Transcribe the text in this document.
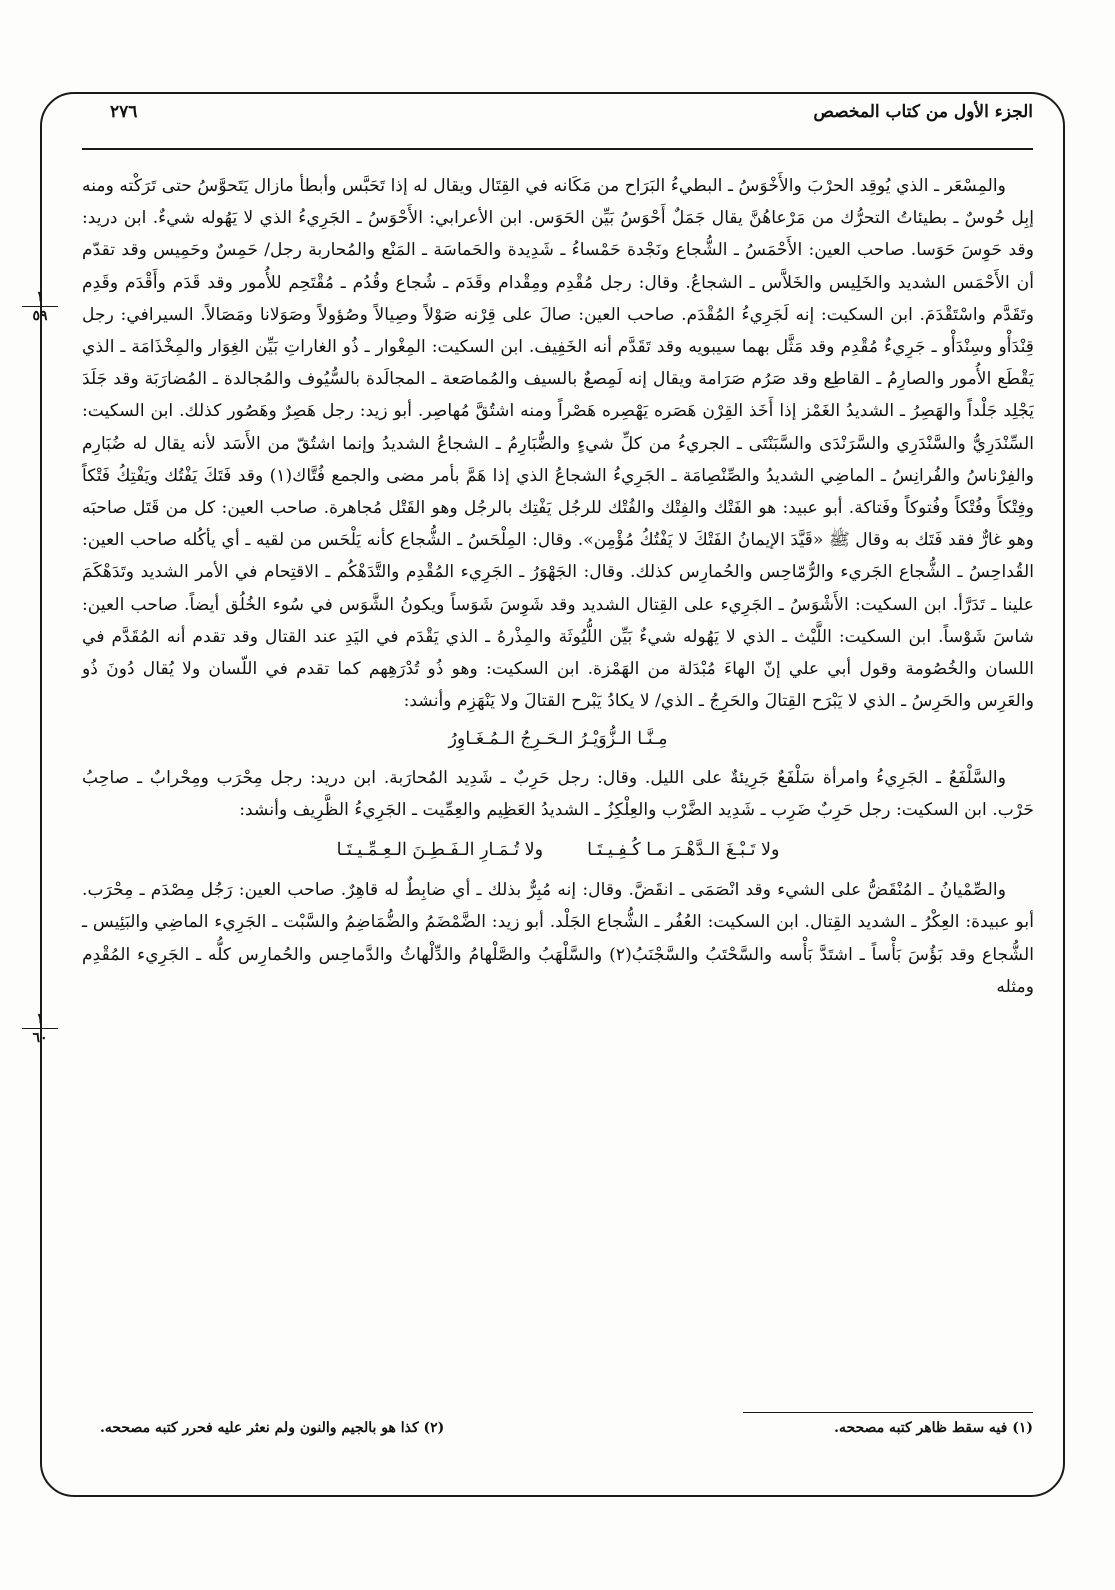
الجزء الأول من كتاب المخصص
٢٧٦
١
٥٩
١
٦٠

والمِسْعَر ـ الذي يُوقِد الحرْبَ والأَخْوَسُ ـ البطيءُ البَرَاح من مَكَانه في القِتَال ويقال له إذا تَحَبَّس وأبطأ مازال يَتَحوَّسُ حتى تَرَكْته ومنه إبِل حُوسٌ ـ بطيئاتُ التحرُّك من مَرْعاهُنَّ يقال جَمَلٌ أَحْوَسُ بَيِّن الحَوَس. ابن الأعرابي: الأَحْوَسُ ـ الجَرِيءُ الذي لا يَهُوله شيءٌ. ابن دريد: وقد حَوِسَ حَوَسا. صاحب العين: الأَحْمَسُ ـ الشُّجاع ونَجْدة حَمْساءُ ـ شَدِيدة والحَماسَة ـ المَنْع والمُحاربة رجل/ حَمِسٌ وحَمِيس وقد تقدّم أن الأَحْمَس الشديد والخَلِيس والخَلاَّس ـ الشجاعُ. وقال: رجل مُقْدِم ومِقْدام وقَدَم ـ شُجاع وقُدُم ـ مُقْتَحِم للأُمور وقد قَدَم وأَقْدَم وقَدِم وتَقَدَّم واسْتَقْدَمَ. ابن السكيت: إنه لَجَرِيءُ المُقْدَم. صاحب العين: صالَ على قِرْنه صَوْلاً وصِيالاً وصُؤولاً وصَوَلانا ومَصَالاً. السيرافي: رجل قِنْدَأْو وسِنْدَأْو ـ جَرِيءٌ مُقْدِم وقد مَثَّل بهما سيبويه وقد تَقَدَّم أنه الخَفِيف. ابن السكيت: المِغْوار ـ ذُو الغاراتِ بَيِّن الغِوَار والمِخْذَامَة ـ الذي يَقْطَع الأُمور والصارِمُ ـ القاطِع وقد صَرُم صَرَامة ويقال إنه لَمِصعٌ بالسيف والمُماصَعة ـ المجالَدة بالسُّيُوف والمُجالدة ـ المُضارَبَة وقد جَلَدَ يَجْلِد جَلْداً والهَصِرُ ـ الشديدُ الغَمْز إذا أَخَذ القِرْن هَصَره يَهْصِره هَصْراً ومنه اشتُقَّ مُهاصِر. أبو زيد: رجل هَصِرٌ وهَصُور كذلك. ابن السكيت: السِّنْدَرِيُّ والسَّنْدَرِي والسَّرَنْدَى والسَّبَنْتَى ـ الجريءُ من كلِّ شيءٍ والضُّبَارِمُ ـ الشجاعُ الشديدُ وإنما اشتُقّ من الأَسَد لأنه يقال له ضُبَارِم والفِرْناسُ والفُرانِسُ ـ الماضِي الشديدُ والصِّنْصِامَة ـ الجَرِيءُ الشجاعُ الذي إذا هَمَّ بأمر مضى والجمع فُتَّاك(١) وقد فَتَكَ يَفْتُك ويَفْتِكُ فَتْكاً وفِتْكاً وفُتْكاً وفُتوكاً وفَتاكة. أبو عبيد: هو الفَتْك والفِتْك والفُتْك للرجُل يَفْتِك بالرجُل وهو القَتْل مُجاهرة. صاحب العين: كل من قَتَل صاحبَه وهو غارٌّ فقد فَتَك به وقال ﷺ «قَيَّدَ الإيمانُ الفَتْكَ لا يَفْتُكُ مُؤْمِن». وقال: المِلْحَسُ ـ الشُّجاع كأنه يَلْحَس من لقيه ـ أي يأكُله صاحب العين: القُداحِسُ ـ الشُّجاع الجَريء والرُّمّاحِس والحُمارِس كذلك. وقال: الجَهْوَرُ ـ الجَرِيء المُقْدِم والتَّدَهْكُم ـ الاقتِحام في الأمر الشديد وتَدَهْكَمَ علينا ـ تَدَرَّأ. ابن السكيت: الأَشْوَسُ ـ الجَرِيء على القِتال الشديد وقد شَوِسَ شَوَساً ويكونُ الشَّوَس في سُوء الخُلُق أيضاً. صاحب العين: شاسَ شَوْساً. ابن السكيت: اللَّيْث ـ الذي لا يَهُوله شيءٌ بَيِّن اللُّيُوثَة والمِذْرهُ ـ الذي يَقْدَم في اليَدِ عند القتال وقد تقدم أنه المُقَدَّم في اللسان والخُصُومة وقول أبي علي إنّ الهاءَ مُبْدَلة من الهَمْزة. ابن السكيت: وهو ذُو تُدْرَهِهم كما تقدم في اللّسان ولا يُقال دُونَ ذُو والعَرِس والحَرِسُ ـ الذي لا يَبْرَح القِتالَ والحَرِجُ ـ الذي/ لا يكادُ يَبْرح القتالَ ولا يَنْهَزِم وأنشد:

مِـنَّـا الـزُّوَيْـرُ الـحَـرِجُ الـمُـغَـاوِرُ

والسَّلْفَعُ ـ الجَرِيءُ وامرأة سَلْفَعٌ جَرِيئةٌ على الليل. وقال: رجل حَرِبٌ ـ شَدِيد المُحارَبة. ابن دريد: رجل مِحْرَب ومِحْرابٌ ـ صاحِبُ حَرْب. ابن السكيت: رجل حَرِبٌ ضَرِب ـ شَدِيد الضَّرْب والعِلْكِزُ ـ الشديدُ العَظِيم والعِمِّيت ـ الجَرِيءُ الظَّرِيف وأنشد:

ولا تَـبْـغَ الـدَّهْـرَ مـا كُـفِـيـتَـا
ولا تُـمَـارِ الـفَـطِـنَ الـعِـمِّـيـتَـا

والصِّمْيانُ ـ المُنْقَضُّ على الشيء وقد انْصَمَى ـ انقَضَّ. وقال: إنه مُبِرٌّ بذلك ـ أي ضابِطٌ له قاهِرٌ. صاحب العين: رَجُل مِصْدَم ـ مِحْرَب. أبو عبيدة: العِكْرُ ـ الشديد القِتال. ابن السكيت: العُفُر ـ الشُّجاع الجَلْد. أبو زيد: الضَّمْضَمُ والضُّمَاضِمُ والسَّبْت ـ الجَرِيء الماضِي والبَئِيس ـ الشُّجاع وقد بَؤُسَ بَأْساً ـ اشتَدَّ بَأْسه والسَّحْتَبُ والسَّجْنَبُ(٢) والسَّلْهَبُ والصَّلْهامُ والدِّلْهاثُ والدَّماحِس والحُمارِس كلُّه ـ الجَرِيء المُقْدِم ومثله

(١) فيه سقط ظاهر كتبه مصححه.
(٢) كذا هو بالجيم والنون ولم نعثر عليه فحرر كتبه مصححه.
